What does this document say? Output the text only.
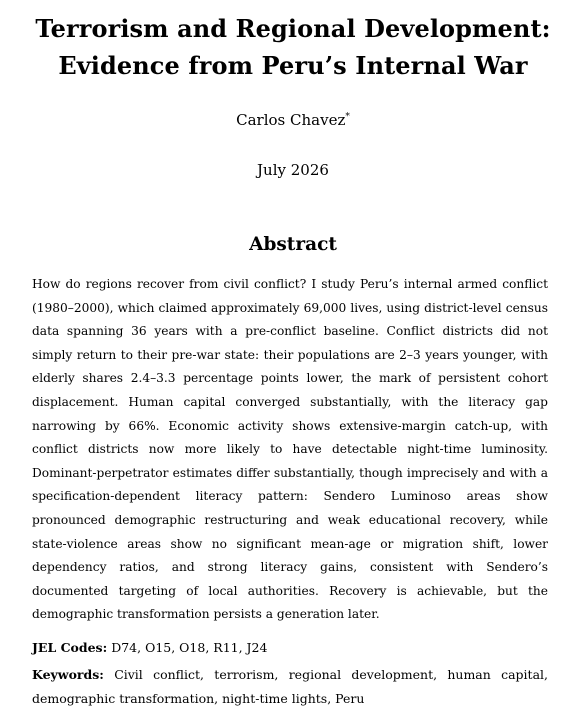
Terrorism and Regional Development:
Evidence from Peru’s Internal War
Carlos Chavez*
July 2026
Abstract
How do regions recover from civil conflict? I study Peru’s internal armed conflict (1980–2000), which claimed approximately 69,000 lives, using district-level census data spanning 36 years with a pre-conflict baseline. Conflict districts did not simply return to their pre-war state: their populations are 2–3 years younger, with elderly shares 2.4–3.3 percentage points lower, the mark of persistent cohort displacement. Human capital converged substantially, with the literacy gap narrowing by 66%. Economic activity shows extensive-margin catch-up, with conflict districts now more likely to have detectable night-time luminosity. Dominant-perpetrator estimates differ substantially, though imprecisely and with a specification-dependent literacy pattern: Sendero Luminoso areas show pronounced demographic restructuring and weak educational recovery, while state-violence areas show no significant mean-age or migration shift, lower dependency ratios, and strong literacy gains, consistent with Sendero’s documented targeting of local authorities. Recovery is achievable, but the demographic transformation persists a generation later.
JEL Codes: D74, O15, O18, R11, J24
Keywords: Civil conflict, terrorism, regional development, human capital, demographic transformation, night-time lights, Peru
